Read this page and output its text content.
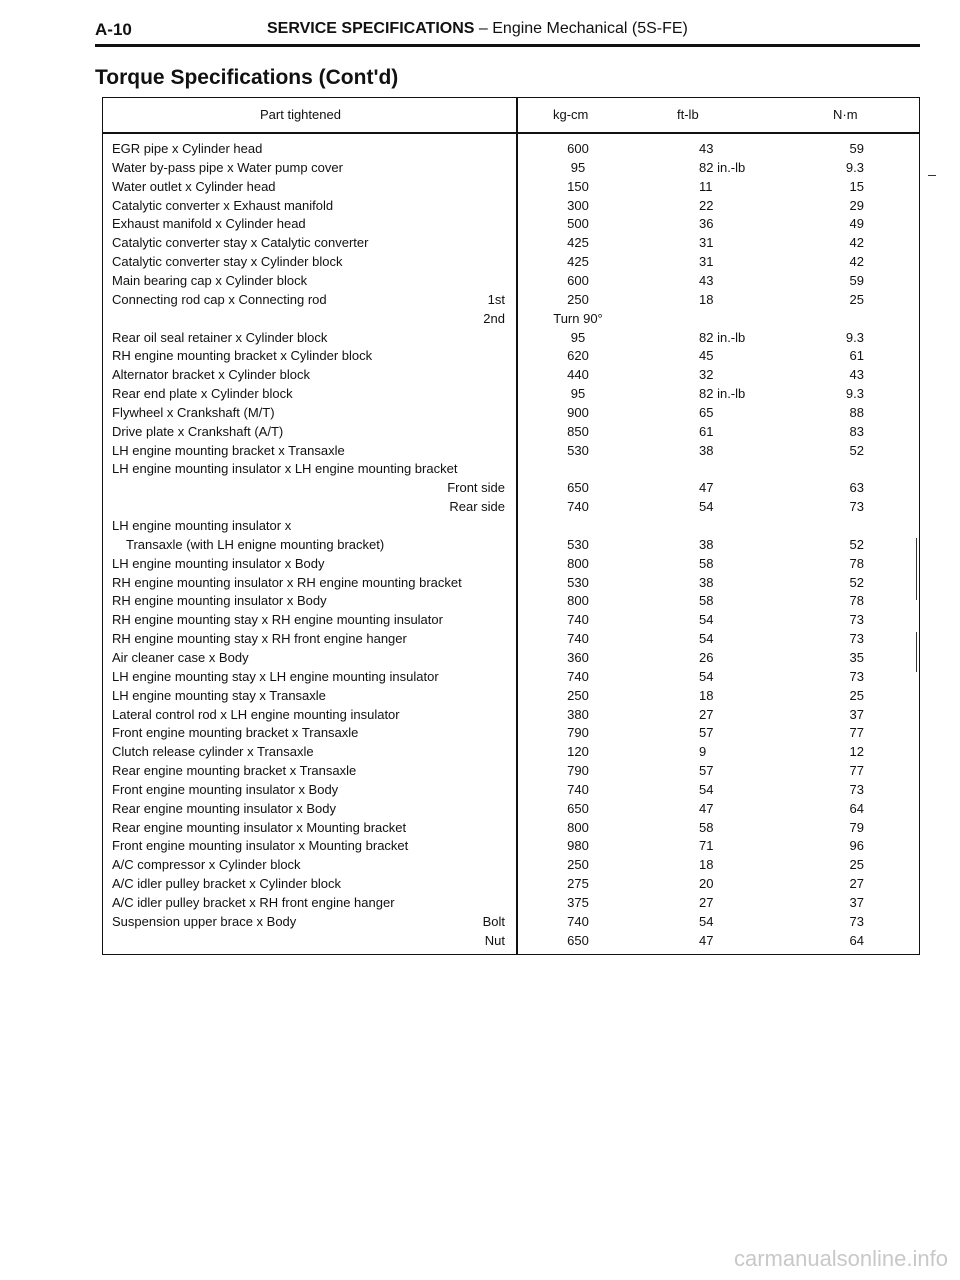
A-10	SERVICE SPECIFICATIONS – Engine Mechanical (5S-FE)
Torque Specifications (Cont'd)
Part tightened	kg-cm	ft-lb	N·m
EGR pipe x Cylinder head	600	43	59
Water by-pass pipe x Water pump cover	95	82 in.-lb	9.3
Water outlet x Cylinder head	150	11	15
Catalytic converter x Exhaust manifold	300	22	29
Exhaust manifold x Cylinder head	500	36	49
Catalytic converter stay x Catalytic converter	425	31	42
Catalytic converter stay x Cylinder block	425	31	42
Main bearing cap x Cylinder block	600	43	59
Connecting rod cap x Connecting rod	1st	250	18	25
2nd	Turn 90°
Rear oil seal retainer x Cylinder block	95	82 in.-lb	9.3
RH engine mounting bracket x Cylinder block	620	45	61
Alternator bracket x Cylinder block	440	32	43
Rear end plate x Cylinder block	95	82 in.-lb	9.3
Flywheel x Crankshaft (M/T)	900	65	88
Drive plate x Crankshaft (A/T)	850	61	83
LH engine mounting bracket x Transaxle	530	38	52
LH engine mounting insulator x LH engine mounting bracket
Front side	650	47	63
Rear side	740	54	73
LH engine mounting insulator x
Transaxle (with LH enigne mounting bracket)	530	38	52
LH engine mounting insulator x Body	800	58	78
RH engine mounting insulator x RH engine mounting bracket	530	38	52
RH engine mounting insulator x Body	800	58	78
RH engine mounting stay x RH engine mounting insulator	740	54	73
RH engine mounting stay x RH front engine hanger	740	54	73
Air cleaner case x Body	360	26	35
LH engine mounting stay x LH engine mounting insulator	740	54	73
LH engine mounting stay x Transaxle	250	18	25
Lateral control rod x LH engine mounting insulator	380	27	37
Front engine mounting bracket x Transaxle	790	57	77
Clutch release cylinder x Transaxle	120	9	12
Rear engine mounting bracket x Transaxle	790	57	77
Front engine mounting insulator x Body	740	54	73
Rear engine mounting insulator x Body	650	47	64
Rear engine mounting insulator x Mounting bracket	800	58	79
Front engine mounting insulator x Mounting bracket	980	71	96
A/C compressor x Cylinder block	250	18	25
A/C idler pulley bracket x Cylinder block	275	20	27
A/C idler pulley bracket x RH front engine hanger	375	27	37
Suspension upper brace x Body	Bolt	740	54	73
Nut	650	47	64
carmanualsonline.info
